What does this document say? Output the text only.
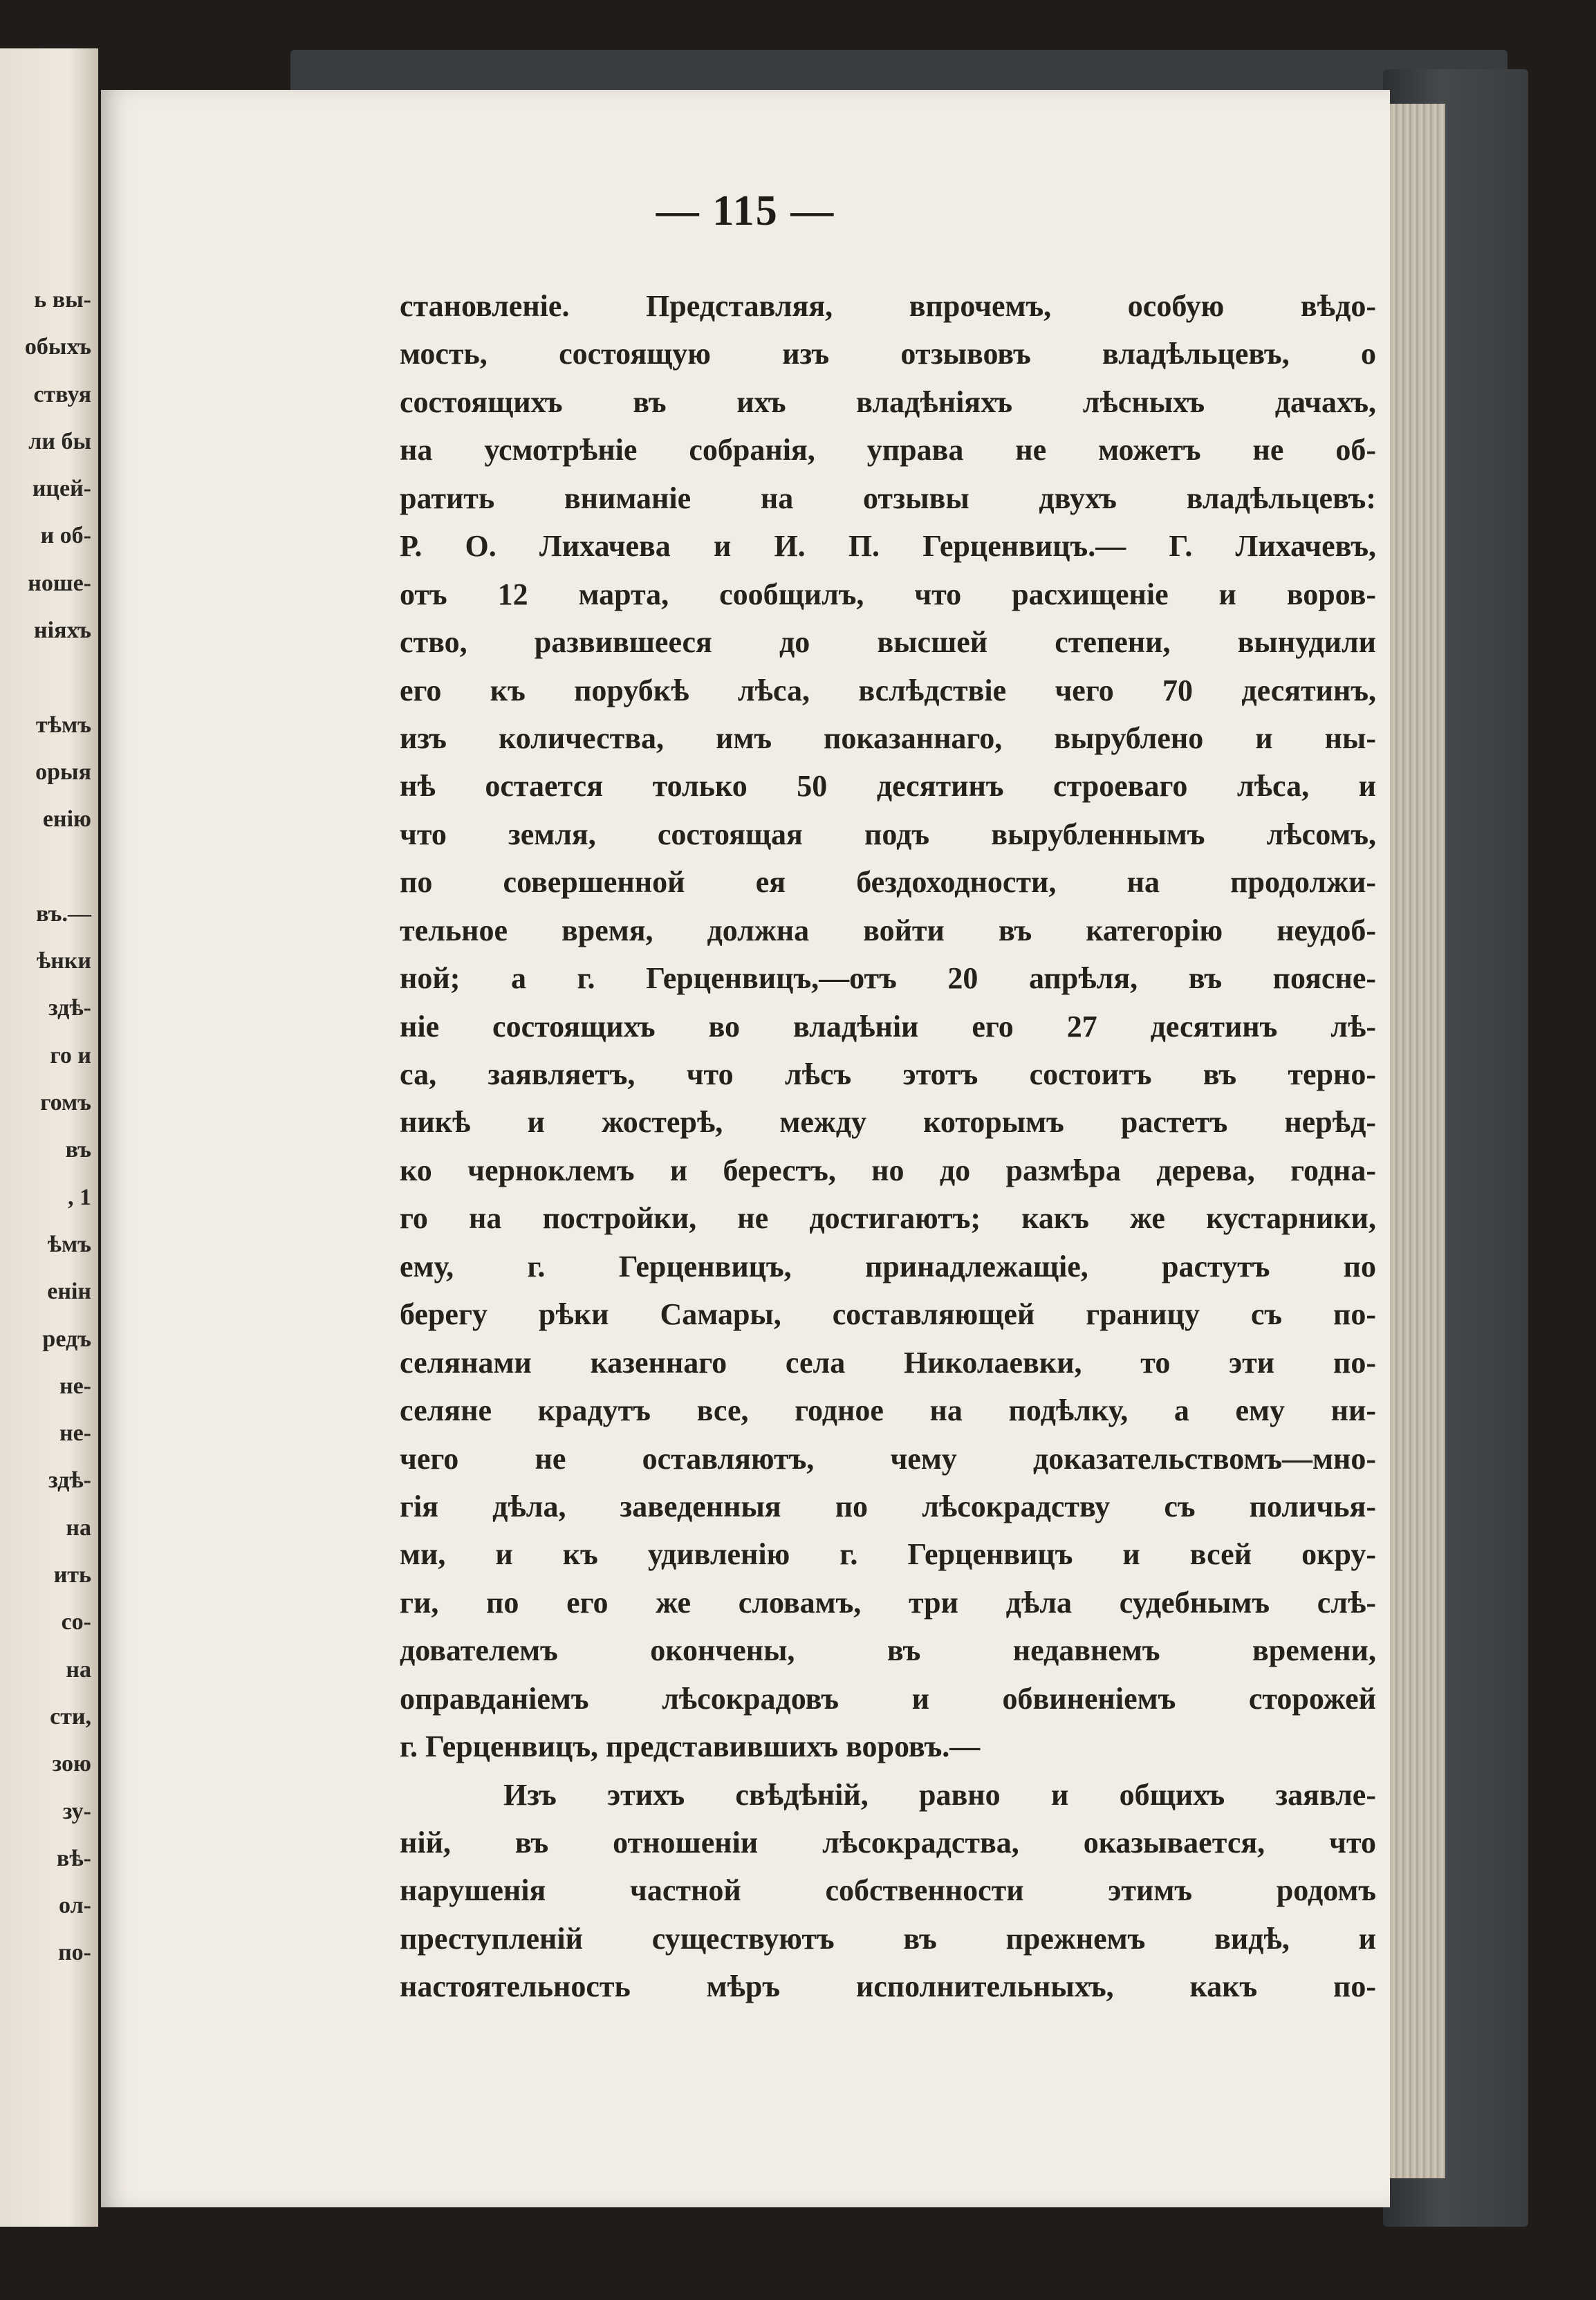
ь вы-
обыхъ
ствуя
ли бы
ицей-
и об-
ноше-
ніяхъ
тѣмъ
орыя
енію
въ.—
ѣнки
здѣ-
го и
гомъ
въ
, 1
ѣмъ
енін
редъ
не-
не-
здѣ-
на
ить
со-
на
сти,
зою
зу-
вѣ-
ол-
по-
— 115 —
становленіе. Представляя, впрочемъ, особую вѣдо-
мость, состоящую изъ отзывовъ владѣльцевъ, о
состоящихъ въ ихъ владѣніяхъ лѣсныхъ дачахъ,
на усмотрѣніе собранія, управа не можетъ не об-
ратить вниманіе на отзывы двухъ владѣльцевъ:
Р. О. Лихачева и И. П. Герценвицъ.— Г. Лихачевъ,
отъ 12 марта, сообщилъ, что расхищеніе и воров-
ство, развившееся до высшей степени, вынудили
его къ порубкѣ лѣса, вслѣдствіе чего 70 десятинъ,
изъ количества, имъ показаннаго, вырублено и ны-
нѣ остается только 50 десятинъ строеваго лѣса, и
что земля, состоящая подъ вырубленнымъ лѣсомъ,
по совершенной ея бездоходности, на продолжи-
тельное время, должна войти въ категорію неудоб-
ной; а г. Герценвицъ,—отъ 20 апрѣля, въ поясне-
ніе состоящихъ во владѣніи его 27 десятинъ лѣ-
са, заявляетъ, что лѣсъ этотъ состоитъ въ терно-
никѣ и жостерѣ, между которымъ растетъ нерѣд-
ко черноклемъ и берестъ, но до размѣра дерева, годна-
го на постройки, не достигаютъ; какъ же кустарники,
ему, г. Герценвицъ, принадлежащіе, растутъ по
берегу рѣки Самары, составляющей границу съ по-
селянами казеннаго села Николаевки, то эти по-
селяне крадутъ все, годное на подѣлку, а ему ни-
чего не оставляютъ, чему доказательствомъ—мно-
гія дѣла, заведенныя по лѣсокрадству съ поличья-
ми, и къ удивленію г. Герценвицъ и всей окру-
ги, по его же словамъ, три дѣла судебнымъ слѣ-
дователемъ окончены, въ недавнемъ времени,
оправданіемъ лѣсокрадовъ и обвиненіемъ сторожей
г. Герценвицъ, представившихъ воровъ.—
Изъ этихъ свѣдѣній, равно и общихъ заявле-
ній, въ отношеніи лѣсокрадства, оказывается, что
нарушенія частной собственности этимъ родомъ
преступленій существуютъ въ прежнемъ видѣ, и
настоятельность мѣръ исполнительныхъ, какъ по-
